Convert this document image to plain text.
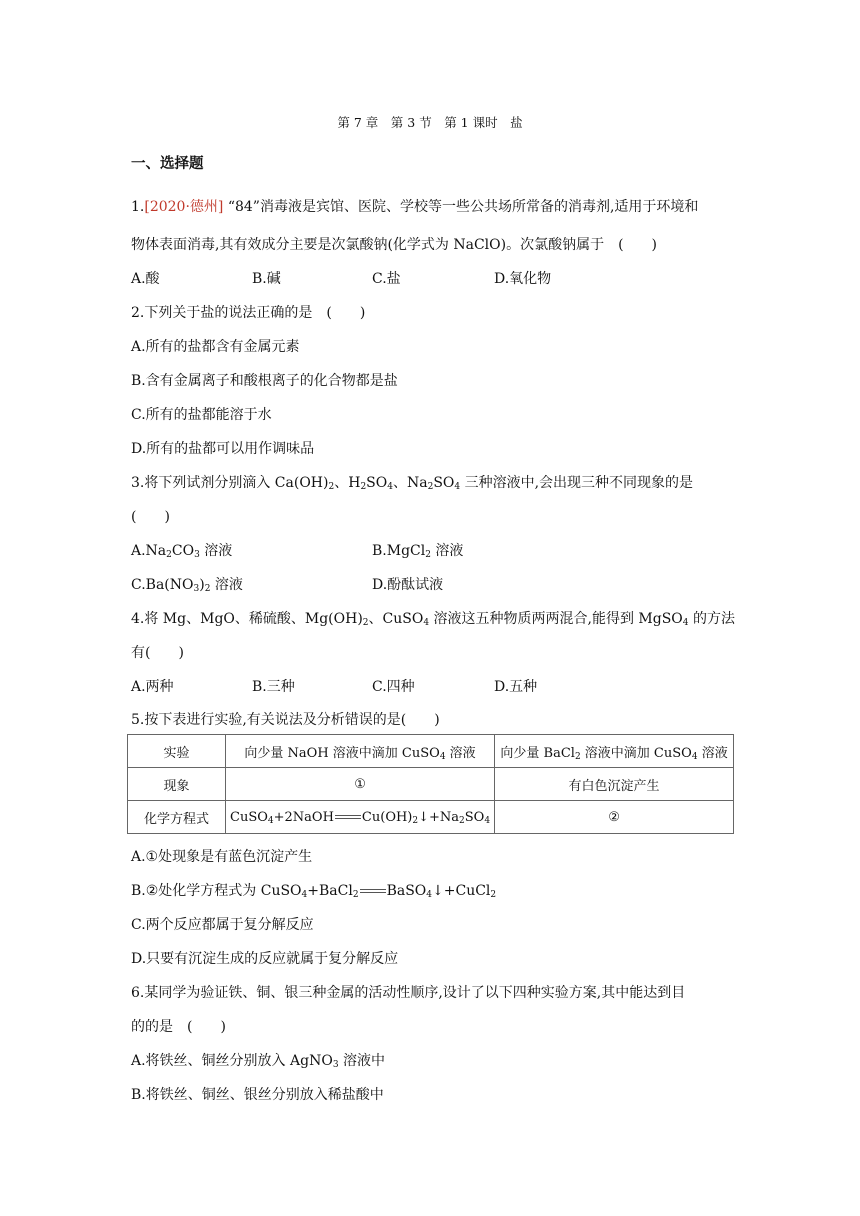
第 7 章　第 3 节　第 1 课时　盐
一、选择题
1.[2020·德州] “84”消毒液是宾馆、医院、学校等一些公共场所常备的消毒剂,适用于环境和
物体表面消毒,其有效成分主要是次氯酸钠(化学式为 NaClO)。次氯酸钠属于　(　　)
A.酸	B.碱	C.盐	D.氧化物
2.下列关于盐的说法正确的是　(　　)
A.所有的盐都含有金属元素
B.含有金属离子和酸根离子的化合物都是盐
C.所有的盐都能溶于水
D.所有的盐都可以用作调味品
3.将下列试剂分别滴入 $Ca(OH)_2$、$H_2SO_4$、$Na_2SO_4$ 三种溶液中,会出现三种不同现象的是
(　　)
$A.Na_2CO_3$ 溶液	B.MgCl$_2$ 溶液
$C.Ba(NO_3)_2$ 溶液	D.酚酞试液
4.将 Mg、MgO、稀硫酸、$Mg(OH)_2$、CuSO$_4$ 溶液这五种物质两两混合,能得到 MgSO$_4$ 的方法
有(　　)
A.两种	B.三种	C.四种	D.五种
5.按下表进行实验,有关说法及分析错误的是(　　)
实验	向少量 NaOH 溶液中滴加 CuSO$_4$ 溶液	向少量 BaCl$_2$ 溶液中滴加 CuSO$_4$ 溶液
现象	①	有白色沉淀产生
化学方程式	CuSO$_4$+2NaOH $Cu(OH)_2↓+Na_2SO_4$	②
A.①处现象是有蓝色沉淀产生
B.②处化学方程式为 CuSO$_4$+BaCl$_2$ BaSO$_4$↓+CuCl$_2$
C.两个反应都属于复分解反应
D.只要有沉淀生成的反应就属于复分解反应
6.某同学为验证铁、铜、银三种金属的活动性顺序,设计了以下四种实验方案,其中能达到目
的的是　(　　)
A.将铁丝、铜丝分别放入 AgNO$_3$ 溶液中
B.将铁丝、铜丝、银丝分别放入稀盐酸中
